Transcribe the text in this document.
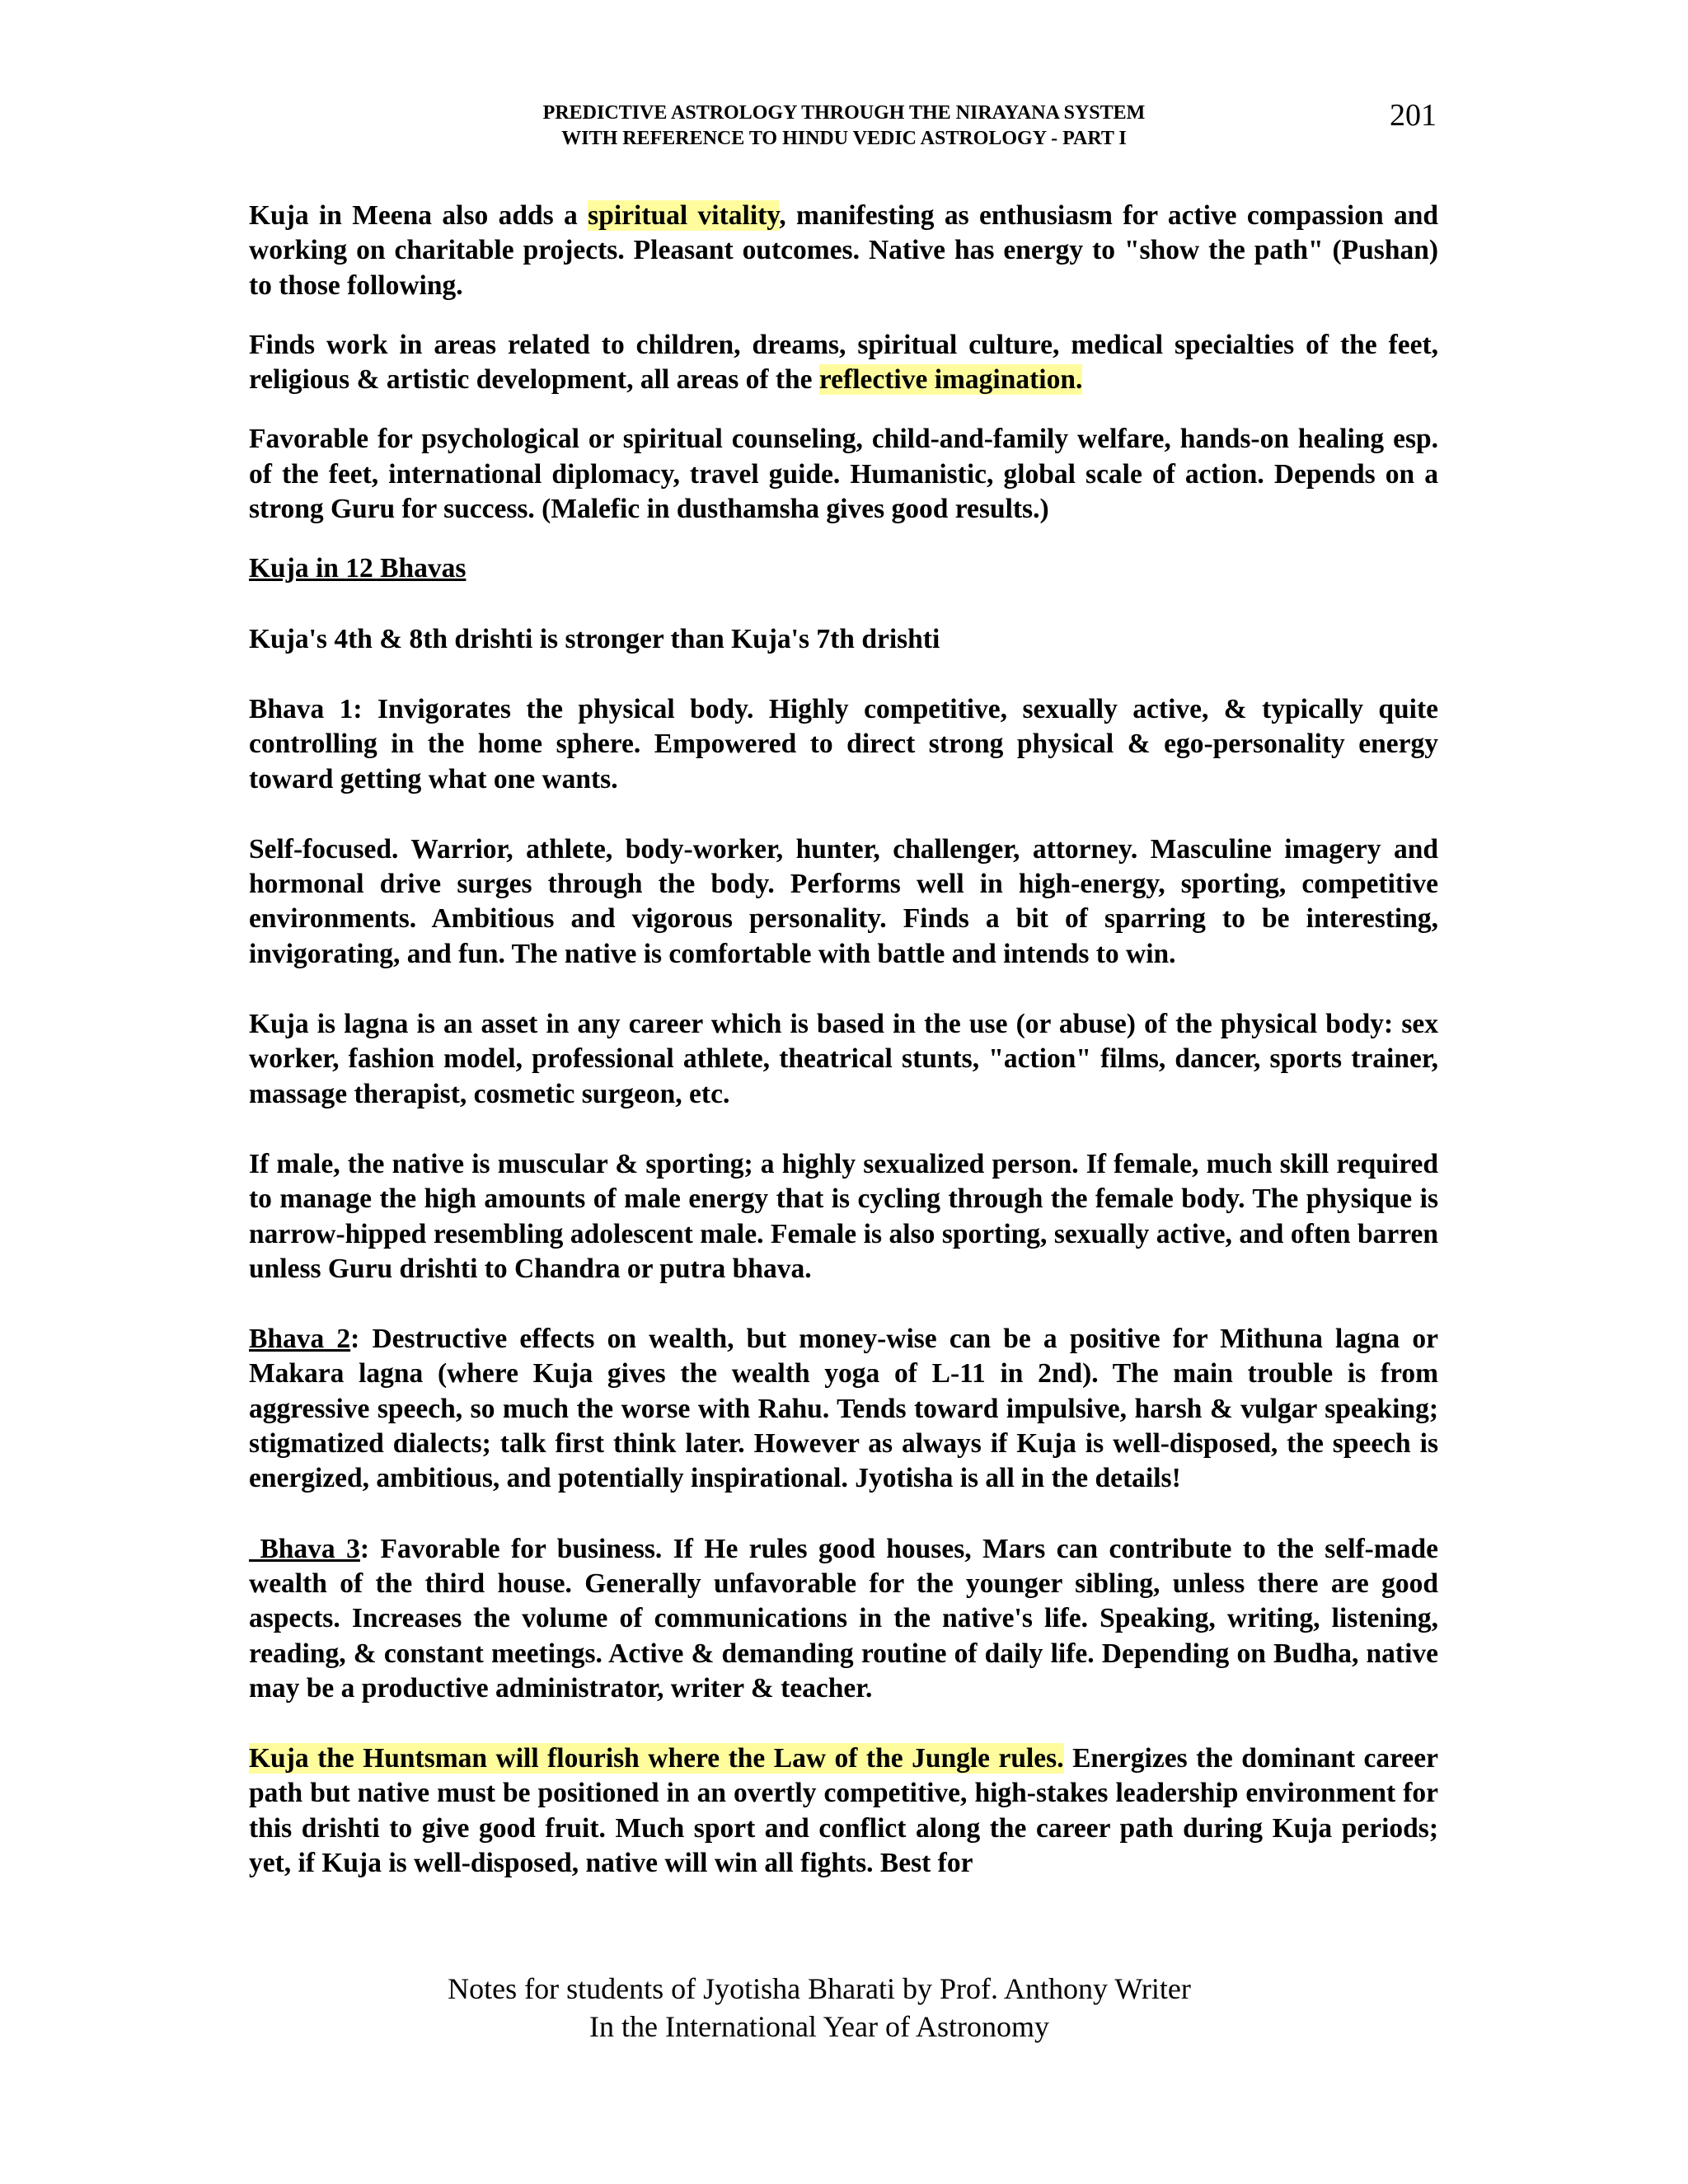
PREDICTIVE ASTROLOGY THROUGH THE NIRAYANA SYSTEM
WITH REFERENCE TO HINDU VEDIC ASTROLOGY - PART I
201

Kuja in Meena also adds a spiritual vitality, manifesting as enthusiasm for active compassion and working on charitable projects. Pleasant outcomes. Native has energy to "show the path" (Pushan) to those following.

Finds work in areas related to children, dreams, spiritual culture, medical specialties of the feet, religious & artistic development, all areas of the reflective imagination.

Favorable for psychological or spiritual counseling, child-and-family welfare, hands-on healing esp. of the feet, international diplomacy, travel guide. Humanistic, global scale of action. Depends on a strong Guru for success. (Malefic in dusthamsha gives good results.)

Kuja in 12 Bhavas

Kuja's 4th & 8th drishti is stronger than Kuja's 7th drishti

Bhava 1: Invigorates the physical body. Highly competitive, sexually active, & typically quite controlling in the home sphere. Empowered to direct strong physical & ego-personality energy toward getting what one wants.

Self-focused. Warrior, athlete, body-worker, hunter, challenger, attorney. Masculine imagery and hormonal drive surges through the body. Performs well in high-energy, sporting, competitive environments. Ambitious and vigorous personality. Finds a bit of sparring to be interesting, invigorating, and fun. The native is comfortable with battle and intends to win.

Kuja is lagna is an asset in any career which is based in the use (or abuse) of the physical body: sex worker, fashion model, professional athlete, theatrical stunts, "action" films, dancer, sports trainer, massage therapist, cosmetic surgeon, etc.

If male, the native is muscular & sporting; a highly sexualized person. If female, much skill required to manage the high amounts of male energy that is cycling through the female body. The physique is narrow-hipped resembling adolescent male. Female is also sporting, sexually active, and often barren unless Guru drishti to Chandra or putra bhava.

Bhava 2: Destructive effects on wealth, but money-wise can be a positive for Mithuna lagna or Makara lagna (where Kuja gives the wealth yoga of L-11 in 2nd). The main trouble is from aggressive speech, so much the worse with Rahu. Tends toward impulsive, harsh & vulgar speaking; stigmatized dialects; talk first think later. However as always if Kuja is well-disposed, the speech is energized, ambitious, and potentially inspirational. Jyotisha is all in the details!

Bhava 3: Favorable for business. If He rules good houses, Mars can contribute to the self-made wealth of the third house. Generally unfavorable for the younger sibling, unless there are good aspects. Increases the volume of communications in the native's life. Speaking, writing, listening, reading, & constant meetings. Active & demanding routine of daily life. Depending on Budha, native may be a productive administrator, writer & teacher.

Kuja the Huntsman will flourish where the Law of the Jungle rules. Energizes the dominant career path but native must be positioned in an overtly competitive, high-stakes leadership environment for this drishti to give good fruit. Much sport and conflict along the career path during Kuja periods; yet, if Kuja is well-disposed, native will win all fights. Best for

Notes for students of Jyotisha Bharati by Prof. Anthony Writer
In the International Year of Astronomy
